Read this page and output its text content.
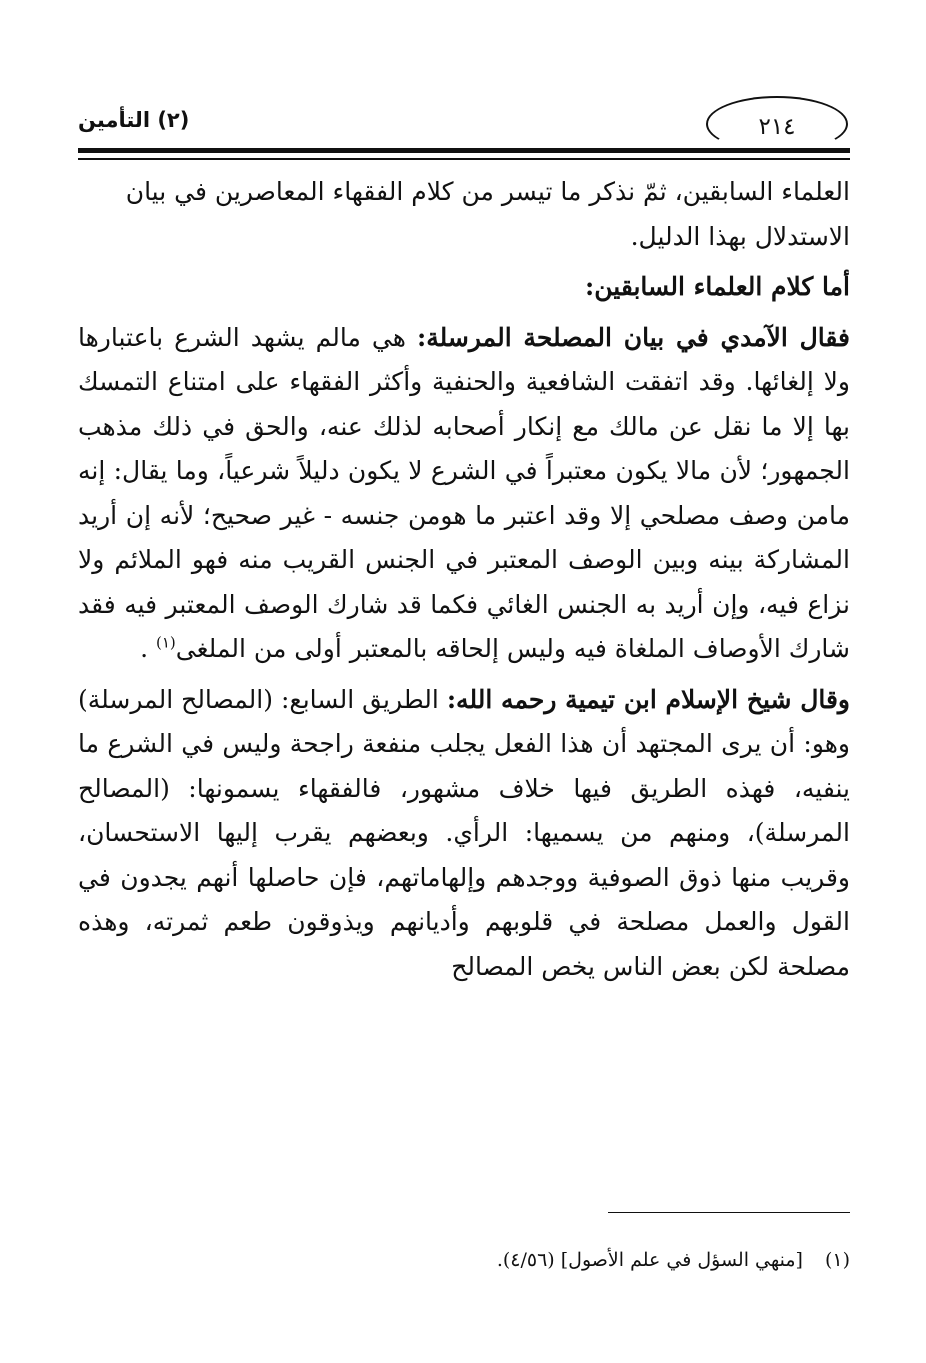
(٢) التأمين	٢١٤

العلماء السابقين، ثمّ نذكر ما تيسر من كلام الفقهاء المعاصرين في بيان
الاستدلال بهذا الدليل.

أما كلام العلماء السابقين:

فقال الآمدي في بيان المصلحة المرسلة: هي مالم يشهد الشرع باعتبارها ولا إلغائها. وقد اتفقت الشافعية والحنفية وأكثر الفقهاء على امتناع التمسك بها إلا ما نقل عن مالك مع إنكار أصحابه لذلك عنه، والحق في ذلك مذهب الجمهور؛ لأن مالا يكون معتبراً في الشرع لا يكون دليلاً شرعياً، وما يقال: إنه مامن وصف مصلحي إلا وقد اعتبر ما هومن جنسه - غير صحيح؛ لأنه إن أريد المشاركة بينه وبين الوصف المعتبر في الجنس القريب منه فهو الملائم ولا نزاع فيه، وإن أريد به الجنس الغائي فكما قد شارك الوصف المعتبر فيه فقد شارك الأوصاف الملغاة فيه وليس إلحاقه بالمعتبر أولى من الملغى$^{(١)}$ .

وقال شيخ الإسلام ابن تيمية رحمه الله: الطريق السابع: (المصالح المرسلة) وهو: أن يرى المجتهد أن هذا الفعل يجلب منفعة راجحة وليس في الشرع ما ينفيه، فهذه الطريق فيها خلاف مشهور، فالفقهاء يسمونها: (المصالح المرسلة)، ومنهم من يسميها: الرأي. وبعضهم يقرب إليها الاستحسان، وقريب منها ذوق الصوفية ووجدهم وإلهاماتهم، فإن حاصلها أنهم يجدون في القول والعمل مصلحة في قلوبهم وأديانهم ويذوقون طعم ثمرته، وهذه مصلحة لكن بعض الناس يخص المصالح

(١)[منهي السؤل في علم الأصول] (٤/٥٦).
